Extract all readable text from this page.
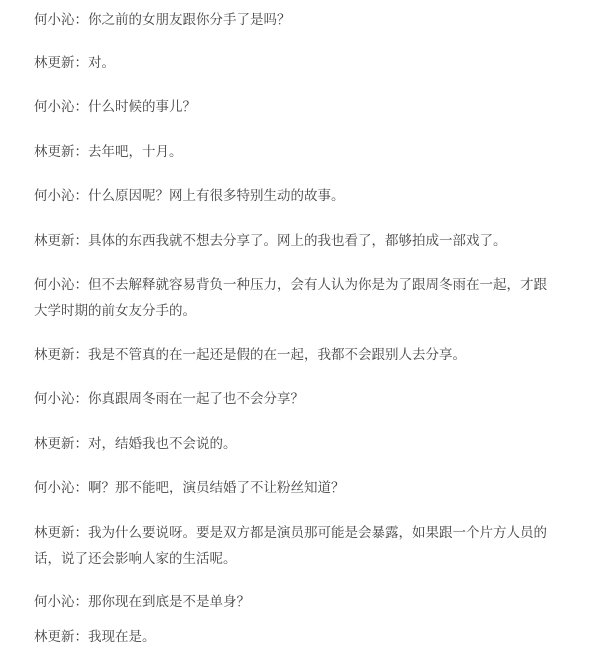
何小沁：你之前的女朋友跟你分手了是吗？

林更新：对。

何小沁：什么时候的事儿？

林更新：去年吧，十月。

何小沁：什么原因呢？网上有很多特别生动的故事。

林更新：具体的东西我就不想去分享了。网上的我也看了，都够拍成一部戏了。

何小沁：但不去解释就容易背负一种压力，会有人认为你是为了跟周冬雨在一起，才跟大学时期的前女友分手的。

林更新：我是不管真的在一起还是假的在一起，我都不会跟别人去分享。

何小沁：你真跟周冬雨在一起了也不会分享？

林更新：对，结婚我也不会说的。

何小沁：啊？那不能吧，演员结婚了不让粉丝知道？

林更新：我为什么要说呀。要是双方都是演员那可能是会暴露，如果跟一个片方人员的话，说了还会影响人家的生活呢。

何小沁：那你现在到底是不是单身？

林更新：我现在是。
